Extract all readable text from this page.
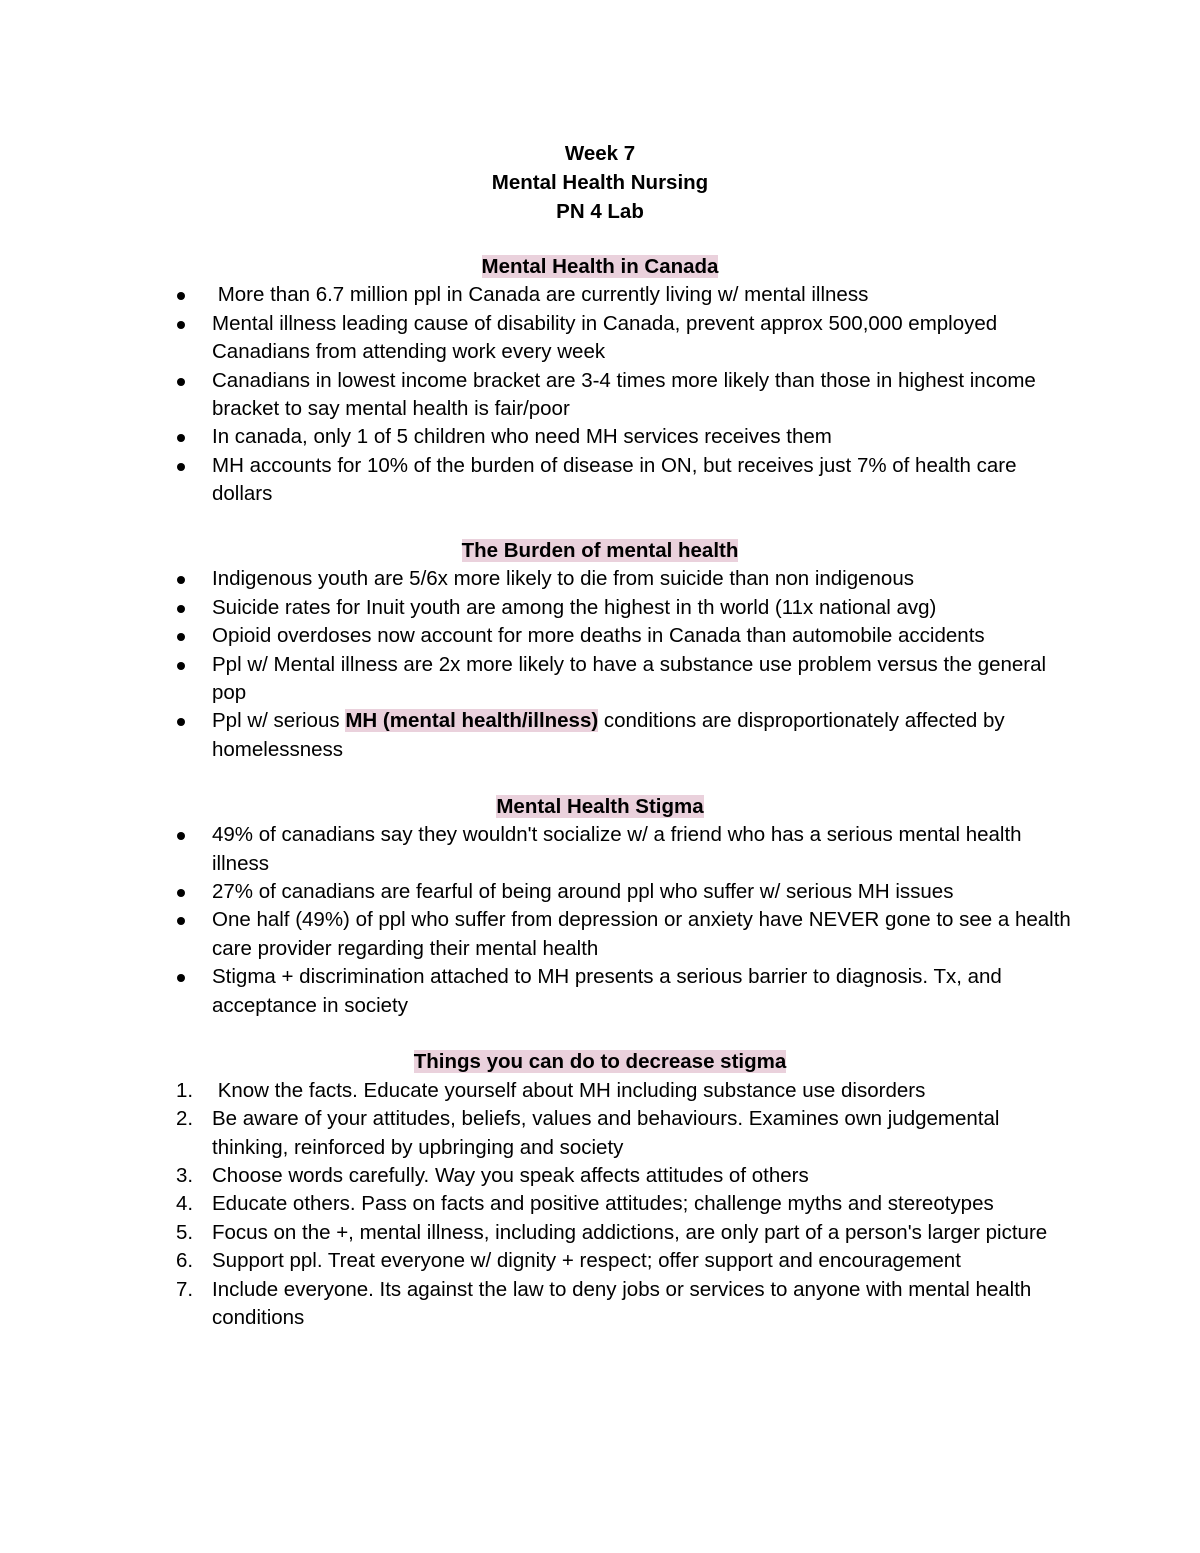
Week 7

Mental Health Nursing

PN 4 Lab

Mental Health in Canada

More than 6.7 million ppl in Canada are currently living w/ mental illness
Mental illness leading cause of disability in Canada, prevent approx 500,000 employed Canadians from attending work every week
Canadians in lowest income bracket are 3-4 times more likely than those in highest income bracket to say mental health is fair/poor
In canada, only 1 of 5 children who need MH services receives them
MH accounts for 10% of the burden of disease in ON, but receives just 7% of health care dollars

The Burden of mental health

Indigenous youth are 5/6x more likely to die from suicide than non indigenous
Suicide rates for Inuit youth are among the highest in th world (11x national avg)
Opioid overdoses now account for more deaths in Canada than automobile accidents
Ppl w/ Mental illness are 2x more likely to have a substance use problem versus the general pop
Ppl w/ serious MH (mental health/illness) conditions are disproportionately affected by homelessness

Mental Health Stigma

49% of canadians say they wouldn't socialize w/ a friend who has a serious mental health illness
27% of canadians are fearful of being around ppl who suffer w/ serious MH issues
One half (49%) of ppl who suffer from depression or anxiety have NEVER gone to see a health care provider regarding their mental health
Stigma + discrimination attached to MH presents a serious barrier to diagnosis. Tx, and acceptance in society

Things you can do to decrease stigma

1. Know the facts. Educate yourself about MH including substance use disorders
2. Be aware of your attitudes, beliefs, values and behaviours. Examines own judgemental thinking, reinforced by upbringing and society
3. Choose words carefully. Way you speak affects attitudes of others
4. Educate others. Pass on facts and positive attitudes; challenge myths and stereotypes
5. Focus on the +, mental illness, including addictions, are only part of a person's larger picture
6. Support ppl. Treat everyone w/ dignity + respect; offer support and encouragement
7. Include everyone. Its against the law to deny jobs or services to anyone with mental health conditions
